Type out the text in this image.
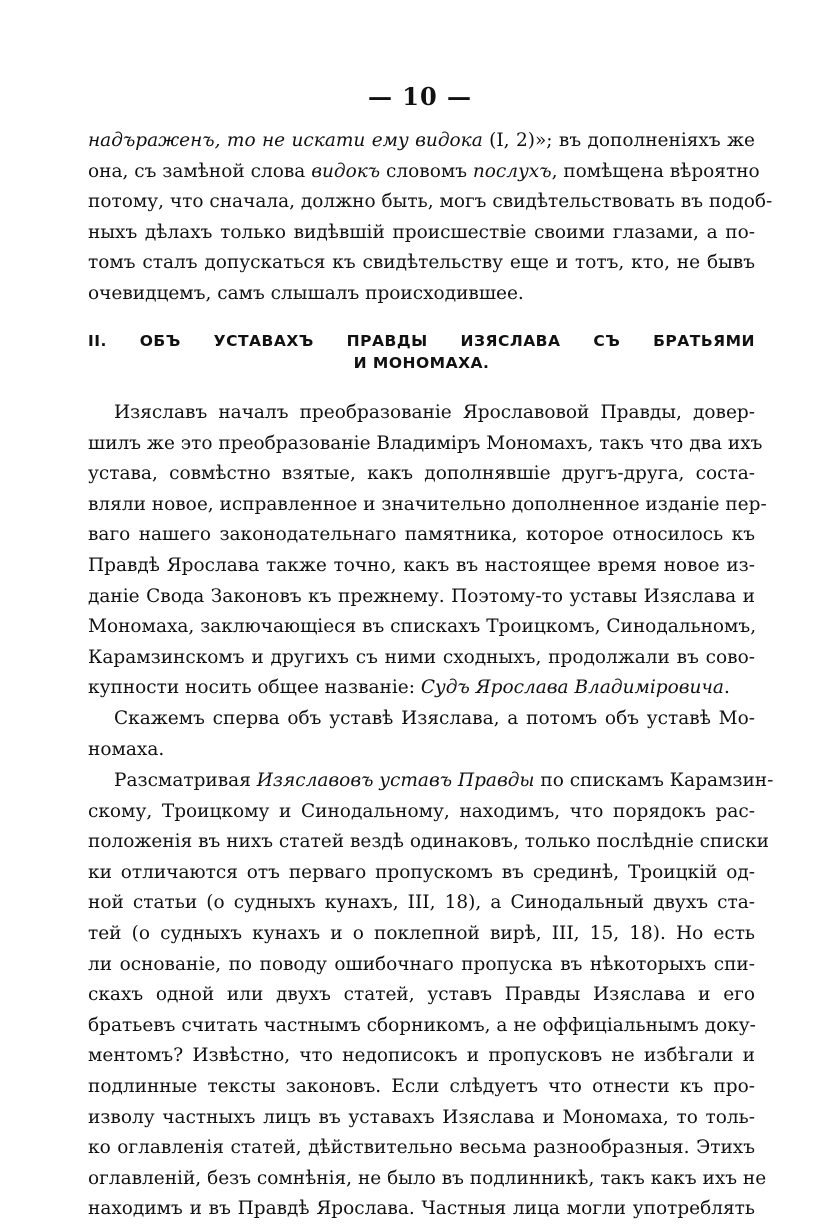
— 10 —
надъраженъ, то не искати ему видока (I, 2)»; въ дополненіяхъ же
она, съ замѣной слова видокъ словомъ послухъ, помѣщена вѣроятно
потому, что сначала, должно быть, могъ свидѣтельствовать въ подоб-
ныхъ дѣлахъ только видѣвшій происшествіе своими глазами, а по-
томъ сталъ допускаться къ свидѣтельству еще и тотъ, кто, не бывъ
очевидцемъ, самъ слышалъ происходившее.
II. ОБЪ УСТАВАХЪ ПРАВДЫ ИЗЯСЛАВА СЪ БРАТЬЯМИ
И МОНОМАХА.
Изяславъ началъ преобразованіе Ярославовой Правды, довер-
шилъ же это преобразованіе Владиміръ Мономахъ, такъ что два ихъ
устава, совмѣстно взятые, какъ дополнявшіе другъ-друга, соста-
вляли новое, исправленное и значительно дополненное изданіе пер-
ваго нашего законодательнаго памятника, которое относилось къ
Правдѣ Ярослава также точно, какъ въ настоящее время новое из-
даніе Свода Законовъ къ прежнему. Поэтому-то уставы Изяслава и
Мономаха, заключающіеся въ спискахъ Троицкомъ, Синодальномъ,
Карамзинскомъ и другихъ съ ними сходныхъ, продолжали въ сово-
купности носить общее названіе: Судъ Ярослава Владиміровича.
Скажемъ сперва объ уставѣ Изяслава, а потомъ объ уставѣ Мо-
номаха.
Разсматривая Изяславовъ уставъ Правды по спискамъ Карамзин-
скому, Троицкому и Синодальному, находимъ, что порядокъ рас-
положенія въ нихъ статей вездѣ одинаковъ, только послѣдніе списки
ки отличаются отъ перваго пропускомъ въ срединѣ, Троицкій од-
ной статьи (о судныхъ кунахъ, III, 18), а Синодальный двухъ ста-
тей (о судныхъ кунахъ и о поклепной вирѣ, III, 15, 18). Но есть
ли основаніе, по поводу ошибочнаго пропуска въ нѣкоторыхъ спи-
скахъ одной или двухъ статей, уставъ Правды Изяслава и его
братьевъ считать частнымъ сборникомъ, а не оффиціальнымъ доку-
ментомъ? Извѣстно, что недописокъ и пропусковъ не избѣгали и
подлинные тексты законовъ. Если слѣдуетъ что отнести къ про-
изволу частныхъ лицъ въ уставахъ Изяслава и Мономаха, то толь-
ко оглавленія статей, дѣйствительно весьма разнообразныя. Этихъ
оглавленій, безъ сомнѣнія, не было въ подлинникѣ, такъ какъ ихъ не
находимъ и въ Правдѣ Ярослава. Частныя лица могли употреблять
